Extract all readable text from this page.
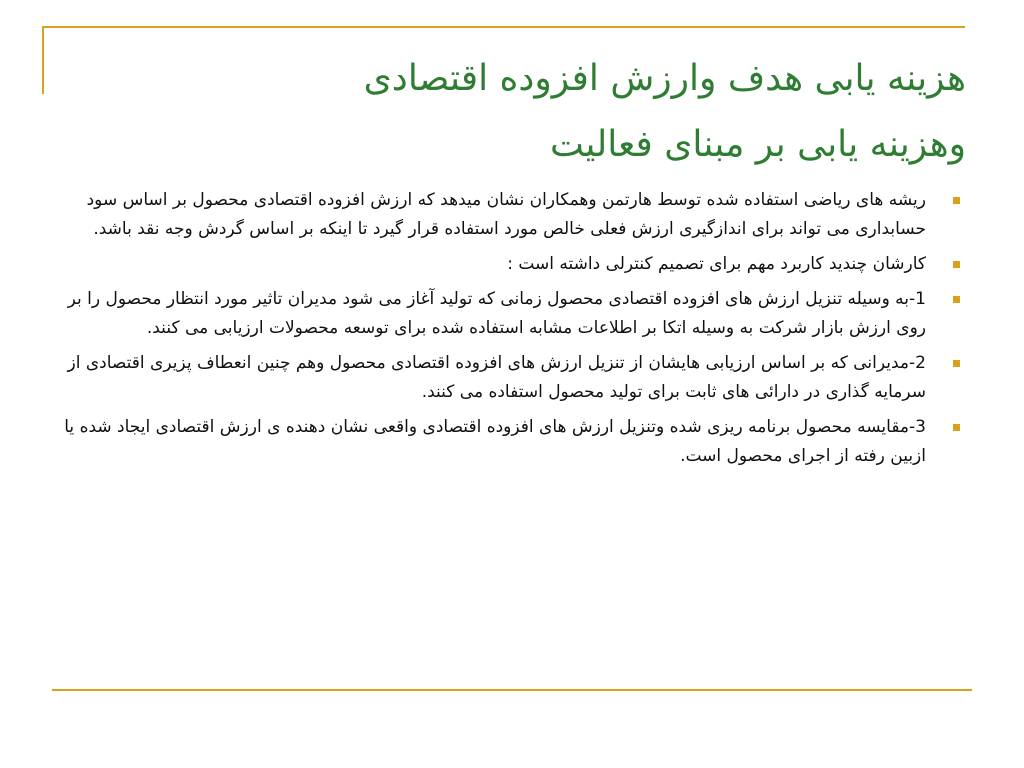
هزینه یابی هدف وارزش افزوده اقتصادی
وهزینه یابی بر مبنای فعالیت
ریشه های ریاضی استفاده شده توسط هارتمن وهمکاران نشان میدهد که ارزش افزوده اقتصادی محصول بر اساس سود حسابداری می تواند برای اندازگیری ارزش فعلی خالص مورد استفاده قرار گیرد تا اینکه بر اساس گردش وجه نقد باشد.
کارشان چندید کاربرد مهم برای تصمیم کنترلی داشته است :
1-به وسیله تنزیل ارزش های افزوده اقتصادی محصول زمانی که تولید آغاز می شود مدیران تاثیر مورد انتظار محصول را بر روی ارزش بازار شرکت به وسیله اتکا بر اطلاعات مشابه استفاده شده برای توسعه محصولات ارزیابی می کنند.
2-مدیرانی که بر اساس ارزیابی هایشان از تنزیل ارزش های افزوده اقتصادی محصول وهم چنین انعطاف پزیری اقتصادی از سرمایه گذاری در دارائی های ثابت برای تولید محصول استفاده می کنند.
3-مقایسه محصول برنامه ریزی شده وتنزیل ارزش های افزوده اقتصادی واقعی نشان دهنده ی ارزش اقتصادی ایجاد شده یا ازبین رفته از اجرای محصول است.
